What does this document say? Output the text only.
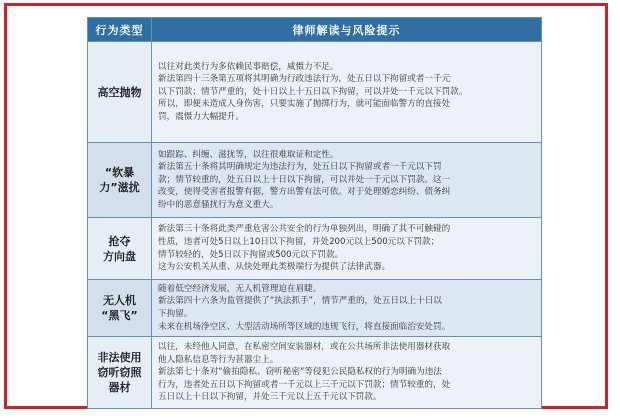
行为类型	律师解读与风险提示

高空抛物	以往对此类行为多依赖民事赔偿，威慑力不足。
新法第四十三条第五项将其明确为行政违法行为，处五日以下拘留或者一千元
以下罚款；情节严重的，处十日以上十五日以下拘留，可以并处一千元以下罚款。
所以，即便未造成人身伤害，只要实施了抛掷行为，就可能面临警方的直接处
罚，震慑力大幅提升。

“软暴
力”滋扰	如跟踪、纠缠、滋扰等，以往很难取证和定性。
新法第五十条将其明确规定为违法行为，处五日以下拘留或者一千元以下罚
款；情节较重的，处五日以上十日以下拘留，可以并处一千元以下罚款。这一
改变，使得受害者报警有据，警方出警有法可依。对于处理婚恋纠纷、债务纠
纷中的恶意骚扰行为意义重大。

抢夺
方向盘	新法第三十条将此类严重危害公共安全的行为单独列出，明确了其不可触碰的
性质，违者可处5日以上10日以下拘留，并处200元以上500元以下罚款；
情节较轻的，处5日以下拘留或500元以下罚款。
这为公安机关从重、从快处理此类极端行为提供了法律武器。

无人机
“黑飞”	随着低空经济发展，无人机管理迫在眉睫。
新法第四十六条为监管提供了“执法抓手”，情节严重的，处五日以上十日以
下拘留。
未来在机场净空区、大型活动场所等区域的违规飞行，将直接面临治安处罚。

非法使用
窃听窃照
器材	以往，未经他人同意，在私密空间安装器材，或在公共场所非法使用器材获取
他人隐私信息等行为甚嚣尘上。
新法第七十条对“偷拍隐私、窃听秘密”等侵犯公民隐私权的行为明确为违法
行为，违者处五日以下拘留或者一千元以上三千元以下罚款；情节较重的，处
五日以上十日以下拘留，并处三千元以上五千元以下罚款。
